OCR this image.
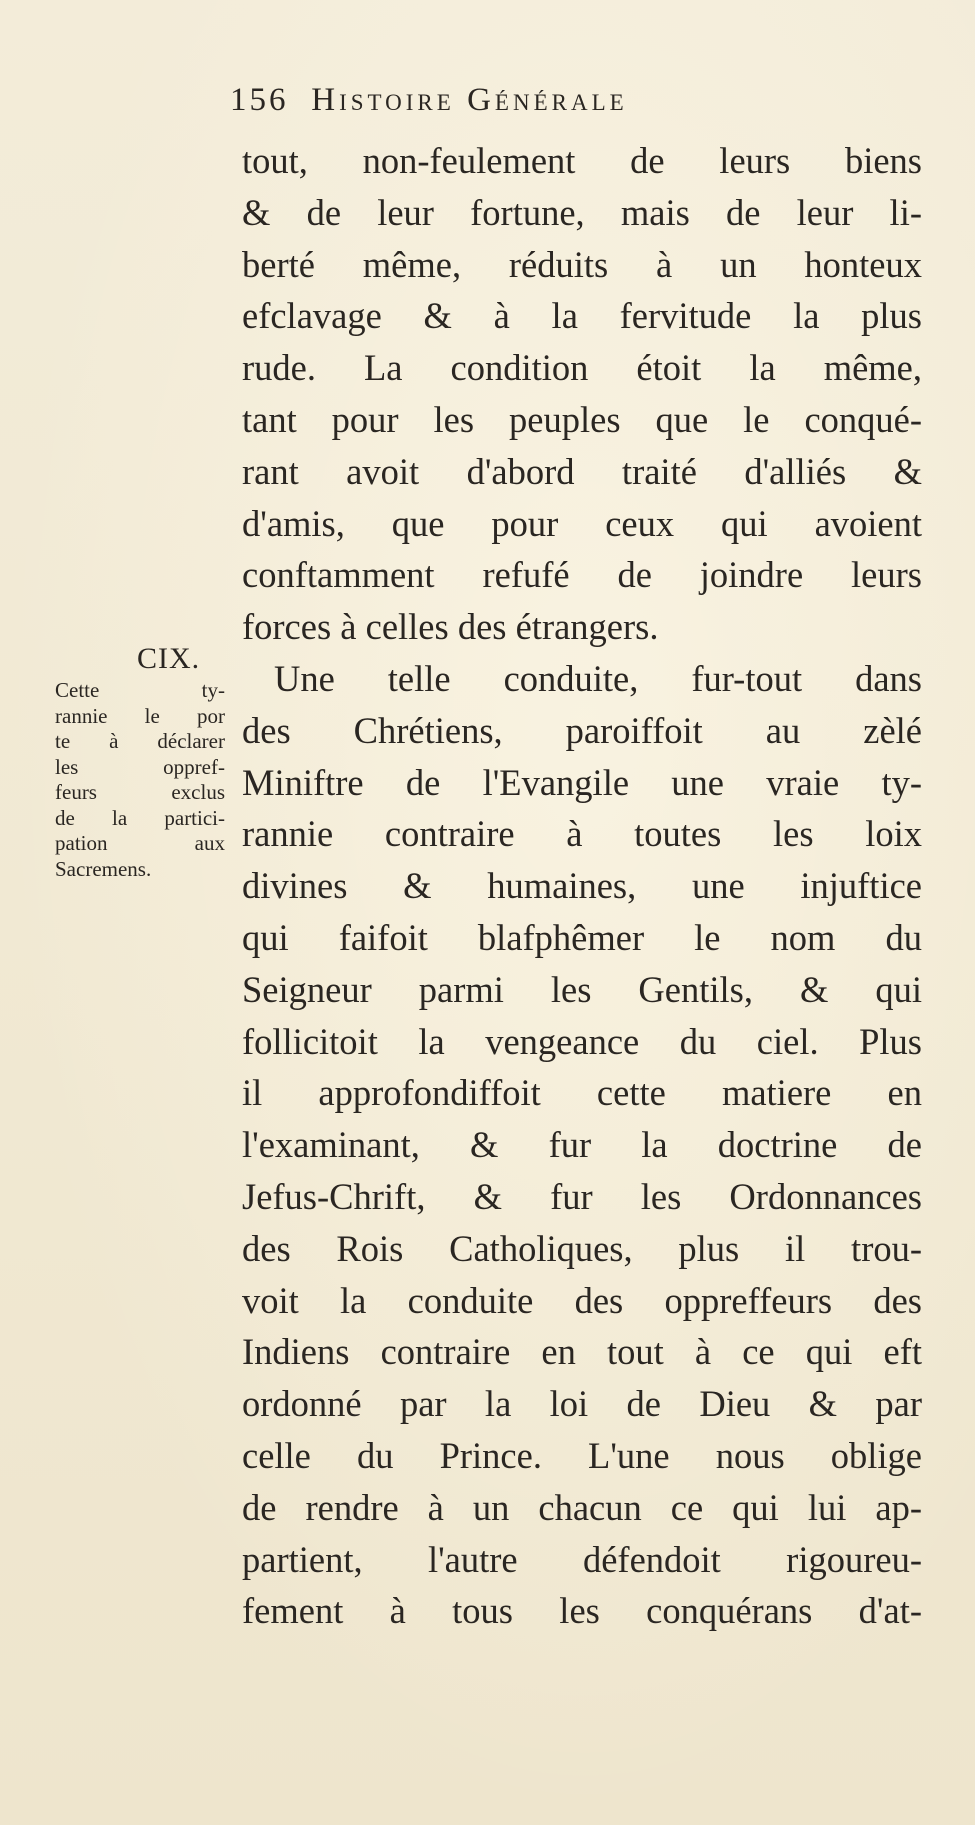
156 Histoire Générale
CIX.
Cette ty-
rannie le por
te à déclarer
les oppref-
feurs exclus
de la partici-
pation aux
Sacremens.
tout, non-feulement de leurs biens
& de leur fortune, mais de leur li-
berté même, réduits à un honteux
efclavage & à la fervitude la plus
rude. La condition étoit la même,
tant pour les peuples que le conqué-
rant avoit d'abord traité d'alliés &
d'amis, que pour ceux qui avoient
conftamment refufé de joindre leurs
forces à celles des étrangers.
Une telle conduite, fur-tout dans
des Chrétiens, paroiffoit au zèlé
Miniftre de l'Evangile une vraie ty-
rannie contraire à toutes les loix
divines & humaines, une injuftice
qui faifoit blafphêmer le nom du
Seigneur parmi les Gentils, & qui
follicitoit la vengeance du ciel. Plus
il approfondiffoit cette matiere en
l'examinant, & fur la doctrine de
Jefus-Chrift, & fur les Ordonnances
des Rois Catholiques, plus il trou-
voit la conduite des oppreffeurs des
Indiens contraire en tout à ce qui eft
ordonné par la loi de Dieu & par
celle du Prince. L'une nous oblige
de rendre à un chacun ce qui lui ap-
partient, l'autre défendoit rigoureu-
fement à tous les conquérans d'at-
